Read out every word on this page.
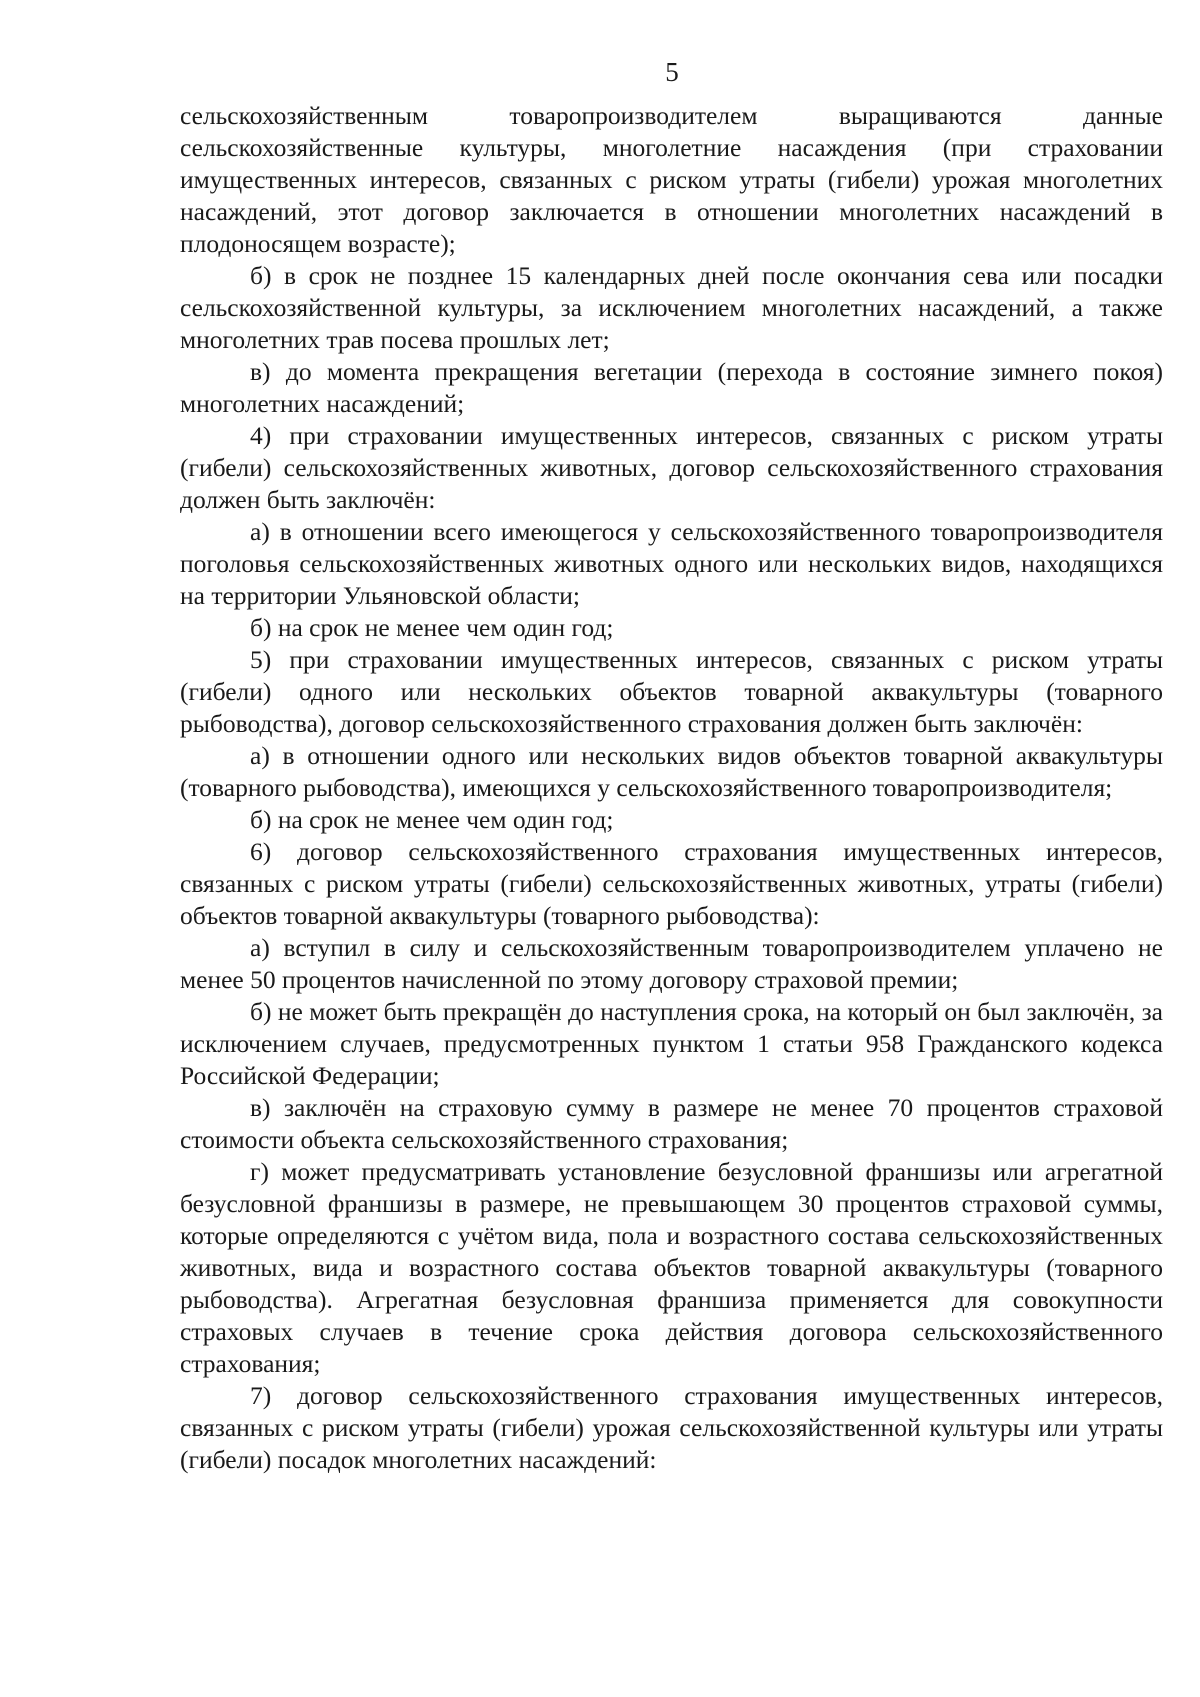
5

сельскохозяйственным товаропроизводителем выращиваются данные сельскохозяйственные культуры, многолетние насаждения (при страховании имущественных интересов, связанных с риском утраты (гибели) урожая многолетних насаждений, этот договор заключается в отношении многолетних насаждений в плодоносящем возрасте);

б) в срок не позднее 15 календарных дней после окончания сева или посадки сельскохозяйственной культуры, за исключением многолетних насаждений, а также многолетних трав посева прошлых лет;

в) до момента прекращения вегетации (перехода в состояние зимнего покоя) многолетних насаждений;

4) при страховании имущественных интересов, связанных с риском утраты (гибели) сельскохозяйственных животных, договор сельскохозяйственного страхования должен быть заключён:

а) в отношении всего имеющегося у сельскохозяйственного товаропроизводителя поголовья сельскохозяйственных животных одного или нескольких видов, находящихся на территории Ульяновской области;

б) на срок не менее чем один год;

5) при страховании имущественных интересов, связанных с риском утраты (гибели) одного или нескольких объектов товарной аквакультуры (товарного рыбоводства), договор сельскохозяйственного страхования должен быть заключён:

а) в отношении одного или нескольких видов объектов товарной аквакультуры (товарного рыбоводства), имеющихся у сельскохозяйственного товаропроизводителя;

б) на срок не менее чем один год;

6) договор сельскохозяйственного страхования имущественных интересов, связанных с риском утраты (гибели) сельскохозяйственных животных, утраты (гибели) объектов товарной аквакультуры (товарного рыбоводства):

а) вступил в силу и сельскохозяйственным товаропроизводителем уплачено не менее 50 процентов начисленной по этому договору страховой премии;

б) не может быть прекращён до наступления срока, на который он был заключён, за исключением случаев, предусмотренных пунктом 1 статьи 958 Гражданского кодекса Российской Федерации;

в) заключён на страховую сумму в размере не менее 70 процентов страховой стоимости объекта сельскохозяйственного страхования;

г) может предусматривать установление безусловной франшизы или агрегатной безусловной франшизы в размере, не превышающем 30 процентов страховой суммы, которые определяются с учётом вида, пола и возрастного состава сельскохозяйственных животных, вида и возрастного состава объектов товарной аквакультуры (товарного рыбоводства). Агрегатная безусловная франшиза применяется для совокупности страховых случаев в течение срока действия договора сельскохозяйственного страхования;

7) договор сельскохозяйственного страхования имущественных интересов, связанных с риском утраты (гибели) урожая сельскохозяйственной культуры или утраты (гибели) посадок многолетних насаждений:
